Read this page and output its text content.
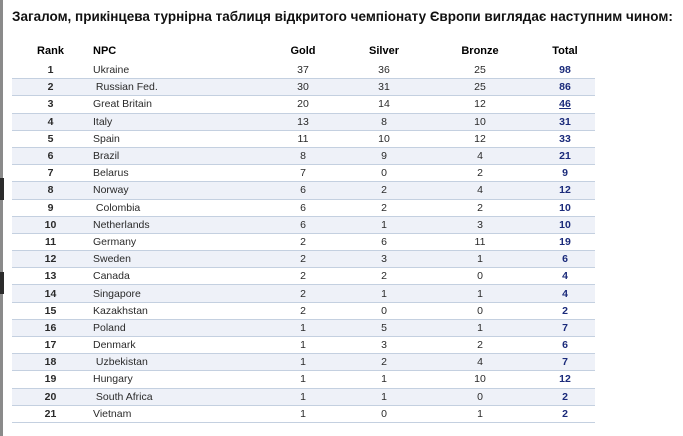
Загалом, прикінцева турнірна таблиця відкритого чемпіонату Європи виглядає наступним чином:
Rank	NPC	Gold	Silver	Bronze	Total
1	Ukraine	37	36	25	98
2	Russian Fed.	30	31	25	86
3	Great Britain	20	14	12	46
4	Italy	13	8	10	31
5	Spain	11	10	12	33
6	Brazil	8	9	4	21
7	Belarus	7	0	2	9
8	Norway	6	2	4	12
9	Colombia	6	2	2	10
10	Netherlands	6	1	3	10
11	Germany	2	6	11	19
12	Sweden	2	3	1	6
13	Canada	2	2	0	4
14	Singapore	2	1	1	4
15	Kazakhstan	2	0	0	2
16	Poland	1	5	1	7
17	Denmark	1	3	2	6
18	Uzbekistan	1	2	4	7
19	Hungary	1	1	10	12
20	South Africa	1	1	0	2
21	Vietnam	1	0	1	2
